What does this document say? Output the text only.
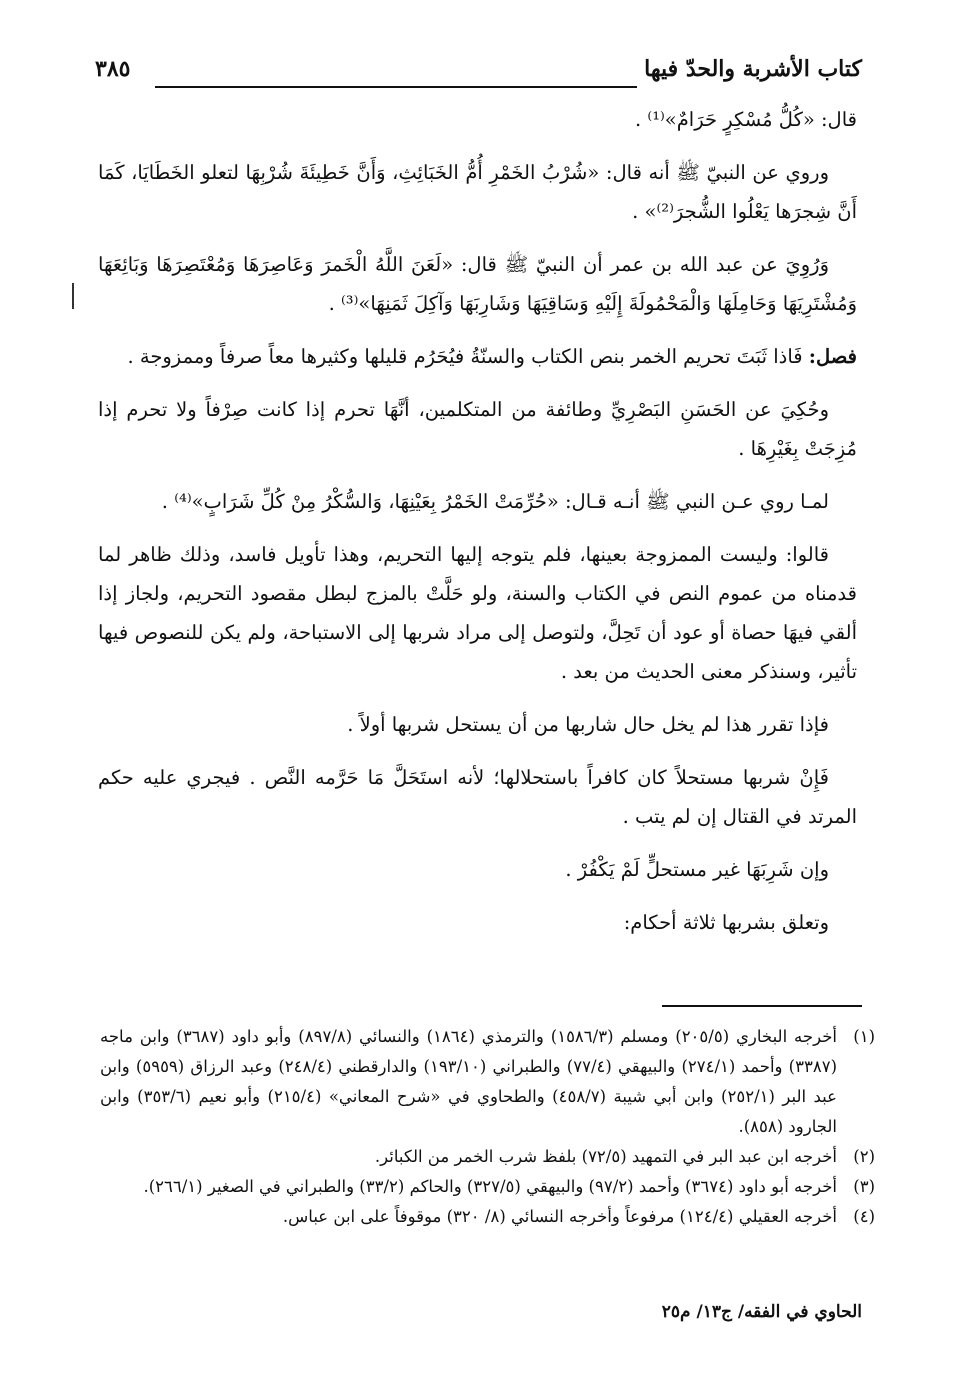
كتاب الأشربة والحدّ فيها
٣٨٥

قال: «كُلُّ مُسْكِرٍ حَرَامٌ»⁽¹⁾ .

وروي عن النبيّ ﷺ أنه قال: «شُرْبُ الخَمْرِ أُمُّ الخَبَائِثِ، وَأَنَّ خَطِيئَةَ شُرْبِهَا لتعلو الخَطَايَا، كَمَا أَنَّ شِجرَها يَعْلُوا الشُّجرَ⁽²⁾» .

وَرُوِيَ عن عبد الله بن عمر أن النبيّ ﷺ قال: «لَعَنَ اللَّهُ الْخَمرَ وَعَاصِرَهَا وَمُعْتَصِرَهَا وَبَائِعَهَا وَمُشْتَرِيَهَا وَحَامِلَهَا وَالْمَحْمُولَةَ إِلَيْهِ وَسَاقِيَهَا وَشَارِبَهَا وَآكِلَ ثَمَنِهَا»⁽³⁾ .

فصل: فَاذا ثَبَتَ تحريم الخمر بنص الكتاب والسنّةُ فيُحَرُم قليلها وكثيرها معاً صرفاً وممزوجة .

وحُكِيَ عن الحَسَنِ البَصْرِيِّ وطائفة من المتكلمين، أنَّهَا تحرم إذا كانت صِرْفاً ولا تحرم إذا مُزِجَتْ بِغَيْرِهَا .

لمـا روي عـن النبي ﷺ أنـه قـال: «حُرِّمَتْ الخَمْرُ بِعَيْنِهَا، وَالسُّكْرُ مِنْ كُلِّ شَرَابٍ»⁽⁴⁾ .

قالوا: وليست الممزوجة بعينها، فلم يتوجه إليها التحريم، وهذا تأويل فاسد، وذلك ظاهر لما قدمناه من عموم النص في الكتاب والسنة، ولو حَلَّتْ بالمزج لبطل مقصود التحريم، ولجاز إذا ألقي فيهَا حصاة أو عود أن تَحِلَّ، ولتوصل إلى مراد شربها إلى الاستباحة، ولم يكن للنصوص فيها تأثير، وسنذكر معنى الحديث من بعد .

فإذا تقرر هذا لم يخل حال شاربها من أن يستحل شربها أولاً .

فَإِنْ شربها مستحلاً كان كافراً باستحلالها؛ لأنه استَحَلَّ مَا حَرَّمه النَّص . فيجري عليه حكم المرتد في القتال إن لم يتب .

وإن شَرِبَهَا غير مستحلٍّ لَمْ يَكْفُرْ .

وتعلق بشربها ثلاثة أحكام:

(١)
أخرجه البخاري (٢٠٥/٥) ومسلم (١٥٨٦/٣) والترمذي (١٨٦٤) والنسائي (٨٩٧/٨) وأبو داود (٣٦٨٧) وابن ماجه (٣٣٨٧) وأحمد (٢٧٤/١) والبيهقي (٧٧/٤) والطبراني (١٩٣/١٠) والدارقطني (٢٤٨/٤) وعبد الرزاق (٥٩٥٩) وابن عبد البر (٢٥٢/١) وابن أبي شيبة (٤٥٨/٧) والطحاوي في «شرح المعاني» (٢١٥/٤) وأبو نعيم (٣٥٣/٦) وابن الجارود (٨٥٨).
(٢)
أخرجه ابن عبد البر في التمهيد (٧٢/٥) بلفظ شرب الخمر من الكبائر.
(٣)
أخرجه أبو داود (٣٦٧٤) وأحمد (٩٧/٢) والبيهقي (٣٢٧/٥) والحاكم (٣٣/٢) والطبراني في الصغير (٢٦٦/١).
(٤)
أخرجه العقيلي (١٢٤/٤) مرفوعاً وأخرجه النسائي (٨/ ٣٢٠) موقوفاً على ابن عباس.
الحاوي في الفقه/ ج١٣/ م٢٥
